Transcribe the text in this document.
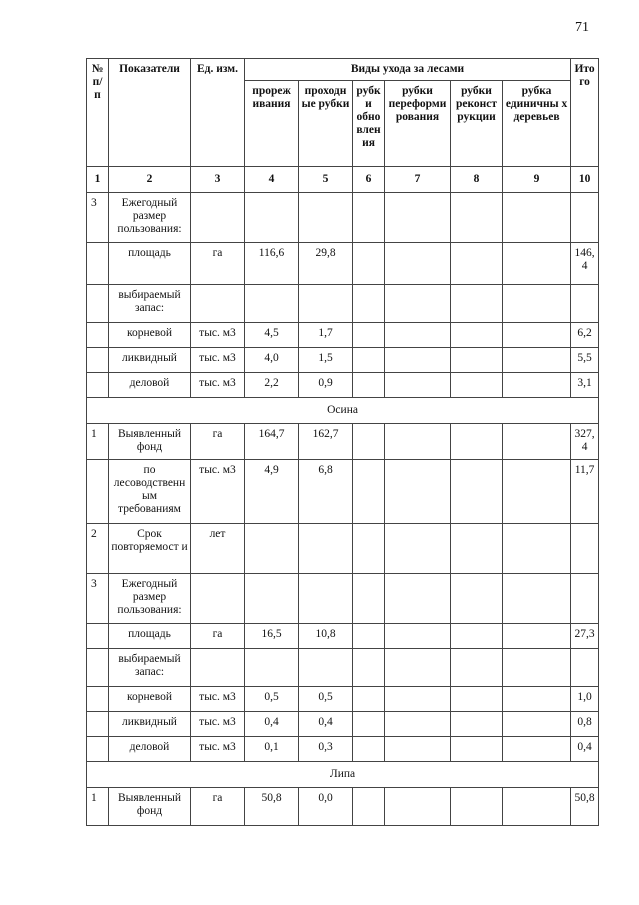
71
№ п/ п	Показатели	Ед. изм.	Виды ухода за лесами						Ито го
			прореж ивания	проходн ые рубки	рубк и обно влен ия	рубки переформи рования	рубки реконст рукции	рубка единичны х деревьев	
1	2	3	4	5	6	7	8	9	10
3	Ежегодный размер пользования:								
	площадь	га	116,6	29,8					146, 4
	выбираемый запас:								
	корневой	тыс. м3	4,5	1,7					6,2
	ликвидный	тыс. м3	4,0	1,5					5,5
	деловой	тыс. м3	2,2	0,9					3,1
Осина									
1	Выявленный фонд	га	164,7	162,7					327, 4
	по лесоводственн ым требованиям	тыс. м3	4,9	6,8					11,7
2	Срок повторяемост и	лет							
3	Ежегодный размер пользования:								
	площадь	га	16,5	10,8					27,3
	выбираемый запас:								
	корневой	тыс. м3	0,5	0,5					1,0
	ликвидный	тыс. м3	0,4	0,4					0,8
	деловой	тыс. м3	0,1	0,3					0,4
Липа									
1	Выявленный фонд	га	50,8	0,0					50,8
